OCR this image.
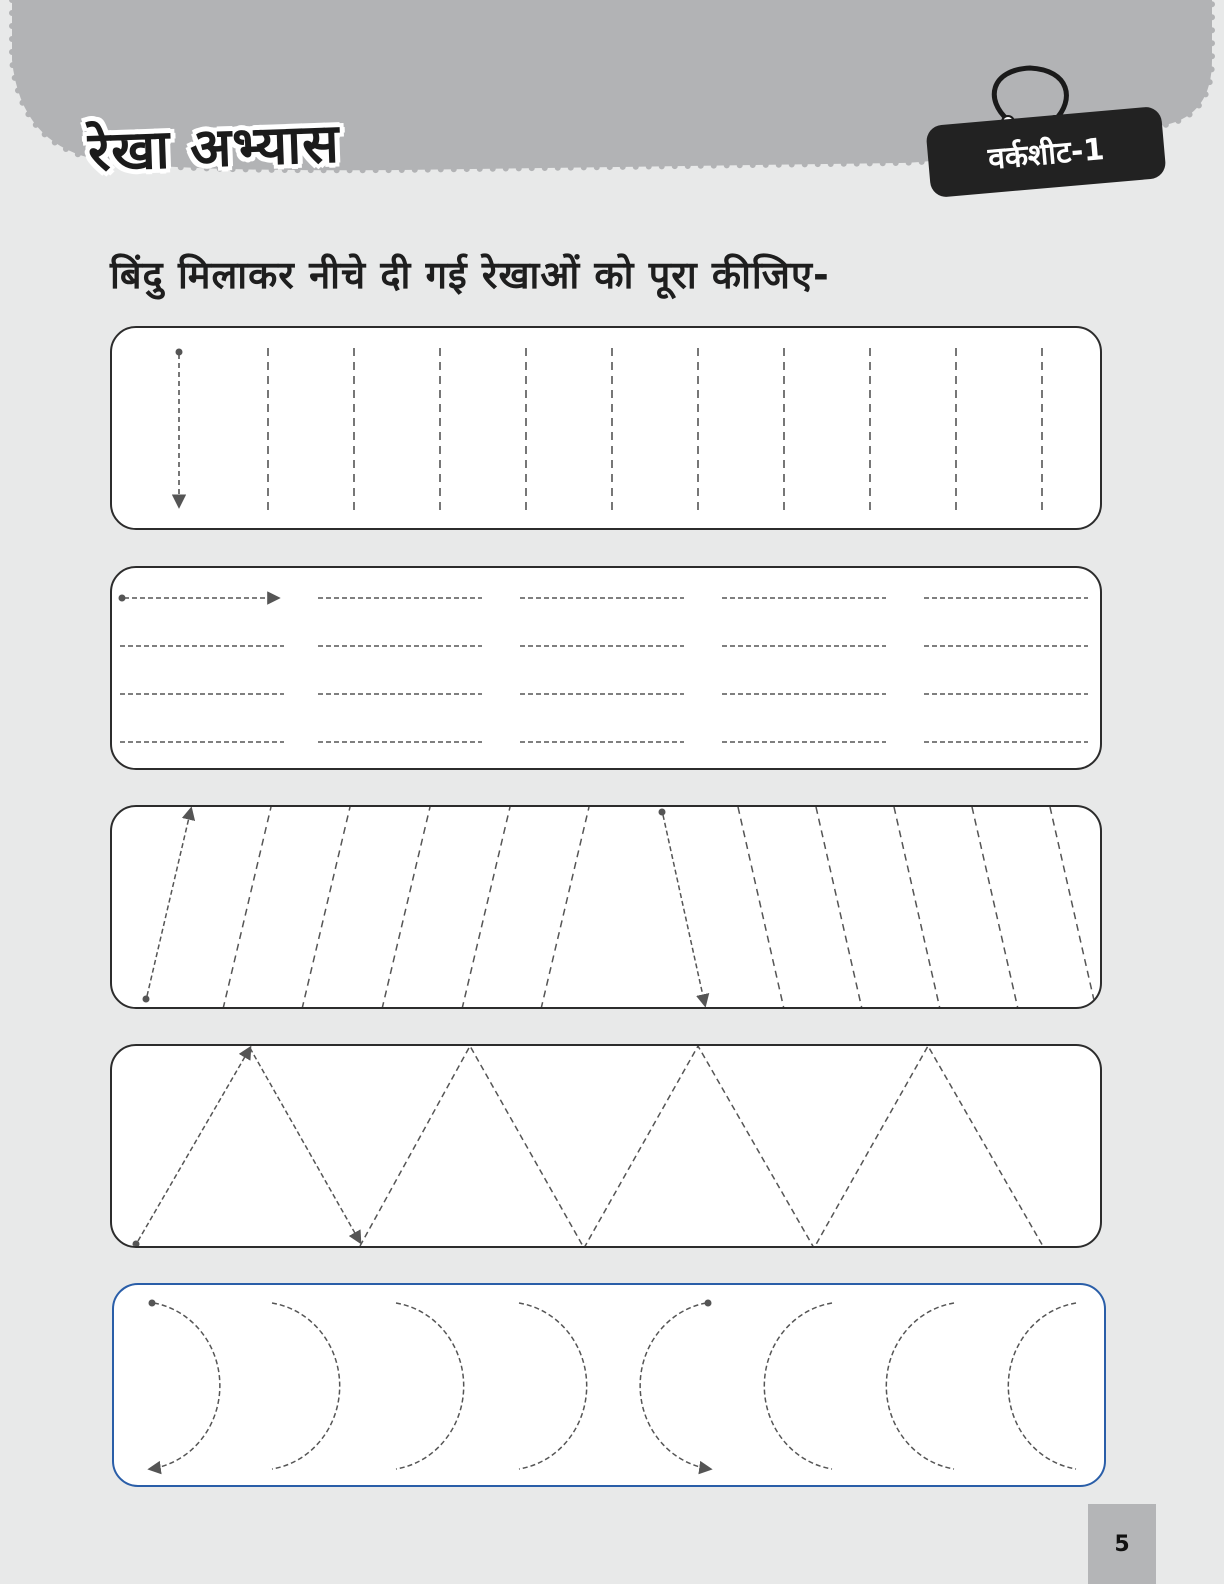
रेखा अभ्यास	वर्कशीट-1
बिंदु मिलाकर नीचे दी गई रेखाओं को पूरा कीजिए-
5
